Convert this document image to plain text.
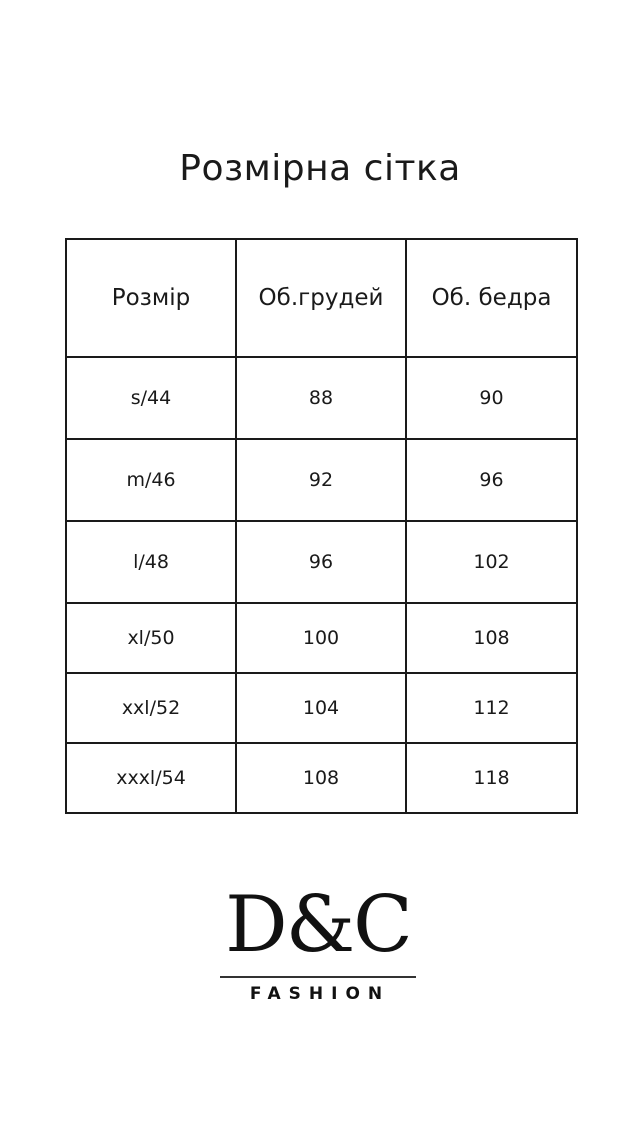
Розмірна сітка
Розмір	Об.грудей	Об. бедра
s/44	88	90
m/46	92	96
l/48	96	102
xl/50	100	108
xxl/52	104	112
xxxl/54	108	118
D&C
FASHION
